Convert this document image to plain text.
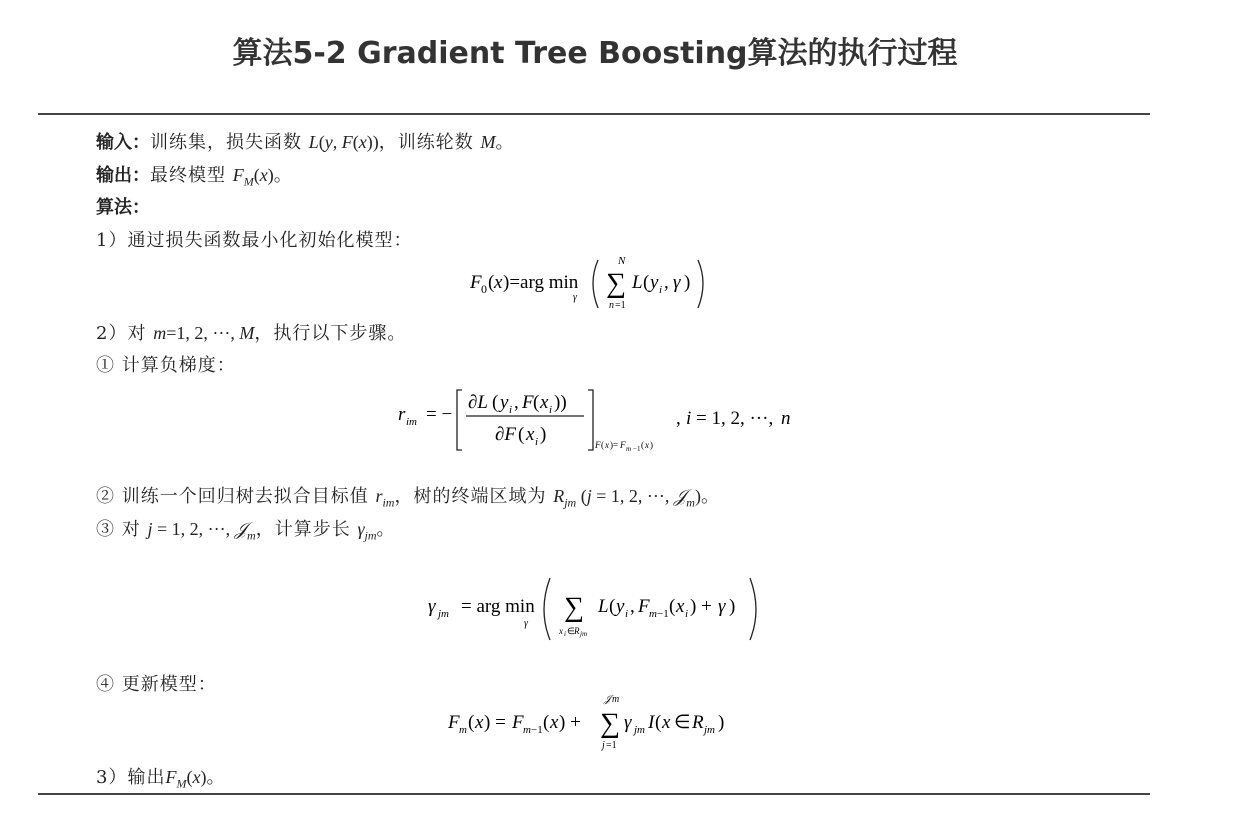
算法5-2 Gradient Tree Boosting算法的执行过程
输入：训练集，损失函数 L(y, F(x))，训练轮数 M。
输出：最终模型 $F_M(x)$。
算法：
1）通过损失函数最小化初始化模型：
F 0 ( x )=arg min
γ
N
∑
n =1
L ( y i , γ )
2）对 m=1, 2, ···, M，执行以下步骤。
① 计算负梯度：
r im = −
∂L ( y i , F ( x i ))
∂F ( x i )	F ( x )= F m −1 ( x )
, i = 1, 2, ···, n
② 训练一个回归树去拟合目标值 $r_{im}$，树的终端区域为 $R_{jm}$ (j = 1, 2, ···, 𝒥$_m$)。
③ 对 j = 1, 2, ···, 𝒥$_m$，计算步长 $\gamma_{jm}$。
γ jm = arg min
γ
∑
x i ∈ R jm
L ( y i , F m −1 ( x i ) + γ )
④ 更新模型：
F m ( x ) = F m −1 ( x ) +
𝒥 m
∑
j =1
γ jm I ( x ∈ R jm )
3）输出$F_M(x)$。
